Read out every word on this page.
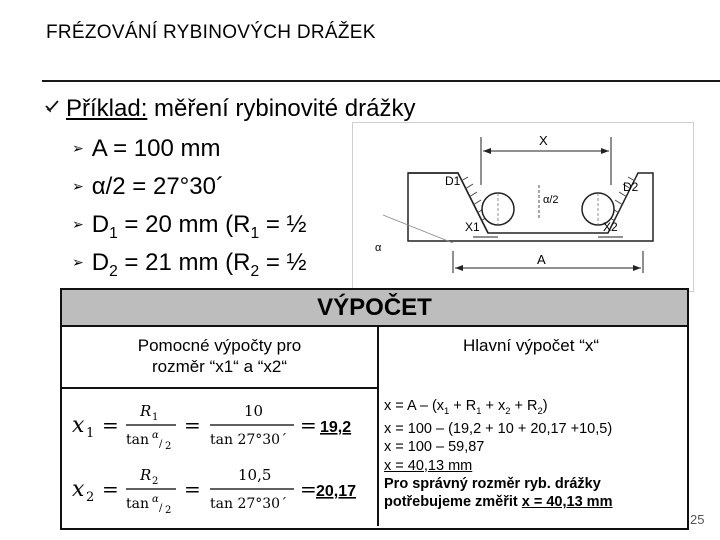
FRÉZOVÁNÍ RYBINOVÝCH DRÁŽEK
Příklad: měření rybinovité drážky
➢ A = 100 mm
➢ α/2 = 27°30´
➢ $D_1 = 20$ mm ($R_1$ = ½
➢ $D_2 = 21$ mm ($R_2$ = ½
X
D1	D2
α/2
α
X1	X2
A
VÝPOČET
Pomocné výpočty pro
rozměr “x1“ a “x2“
Hlavní výpočet “x“
x 1 =
R 1
tan α
/ 2
=
10
tan 27°30´
= 19,2
x 2 =
R 2
tan α
/ 2
=
10,5
tan 27°30´
= 20,17
$x = A - (x_1 + R_1 + x_2 + R_2)$
x = 100 – (19,2 + 10 + 20,17 +10,5)
x = 100 – 59,87
x = 40,13 mm
Pro správný rozměr ryb. drážky
potřebujeme změřit x = 40,13 mm
25
